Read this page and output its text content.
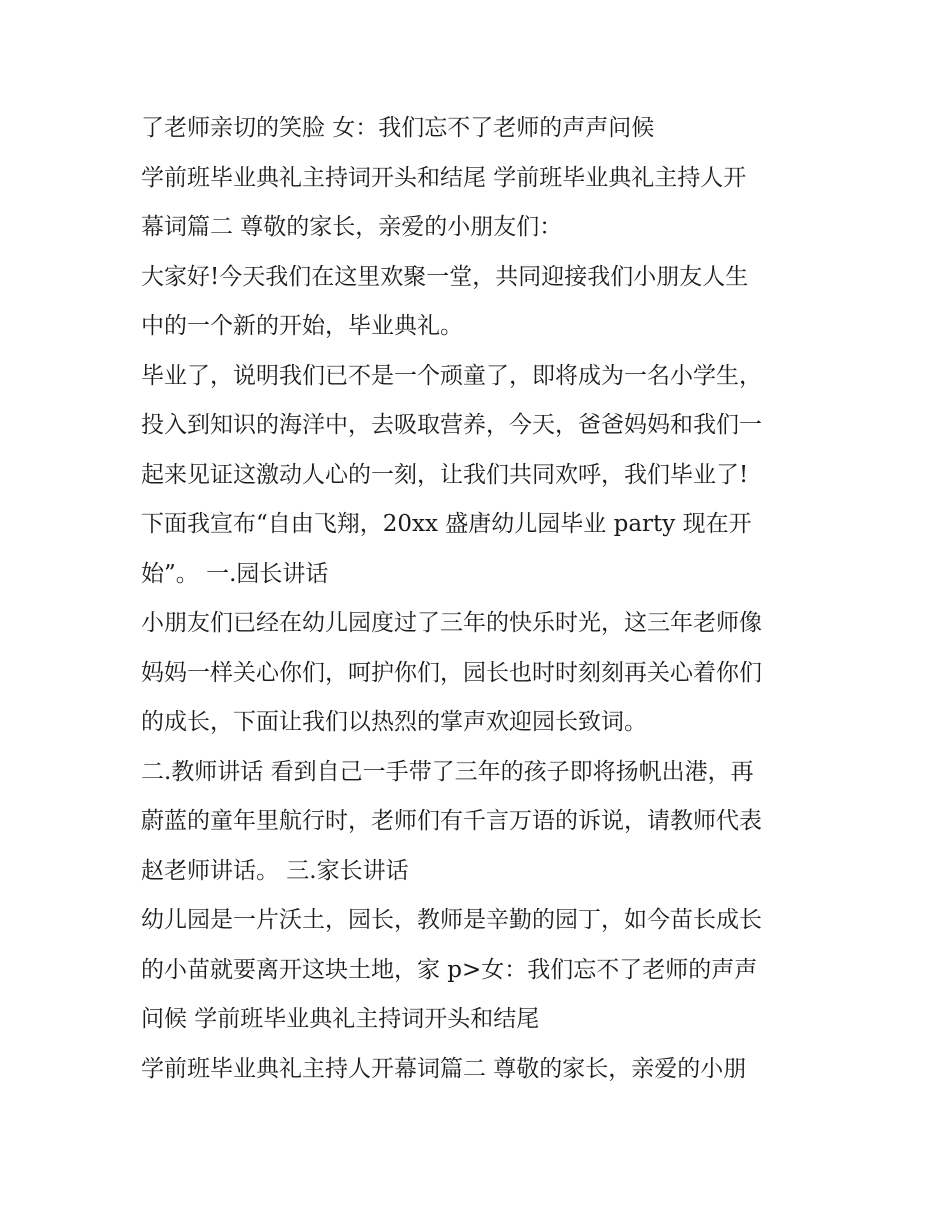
了老师亲切的笑脸 女：我们忘不了老师的声声问候
学前班毕业典礼主持词开头和结尾 学前班毕业典礼主持人开
幕词篇二 尊敬的家长，亲爱的小朋友们：
大家好!今天我们在这里欢聚一堂，共同迎接我们小朋友人生
中的一个新的开始，毕业典礼。
毕业了，说明我们已不是一个顽童了，即将成为一名小学生，
投入到知识的海洋中，去吸取营养，今天，爸爸妈妈和我们一
起来见证这激动人心的一刻，让我们共同欢呼，我们毕业了!
下面我宣布“自由飞翔，20xx 盛唐幼儿园毕业 party 现在开
始”。 一.园长讲话
小朋友们已经在幼儿园度过了三年的快乐时光，这三年老师像
妈妈一样关心你们，呵护你们，园长也时时刻刻再关心着你们
的成长，下面让我们以热烈的掌声欢迎园长致词。
二.教师讲话 看到自己一手带了三年的孩子即将扬帆出港，再
蔚蓝的童年里航行时，老师们有千言万语的诉说，请教师代表
赵老师讲话。 三.家长讲话
幼儿园是一片沃土，园长，教师是辛勤的园丁，如今苗长成长
的小苗就要离开这块土地，家 p>女：我们忘不了老师的声声
问候 学前班毕业典礼主持词开头和结尾
学前班毕业典礼主持人开幕词篇二 尊敬的家长，亲爱的小朋
